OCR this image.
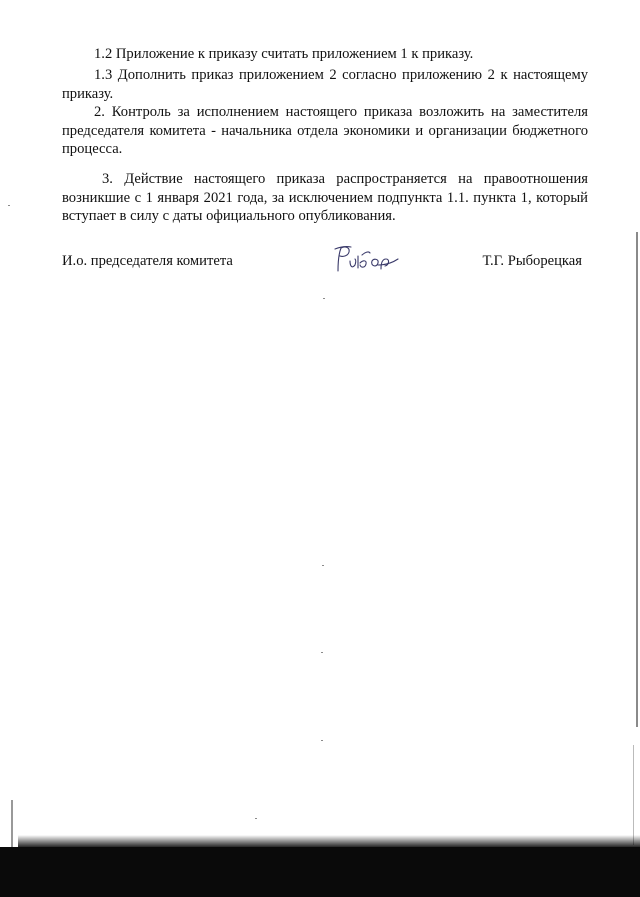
1.2 Приложение к приказу считать приложением 1 к приказу.

1.3 Дополнить приказ приложением 2 согласно приложению 2 к настоящему приказу.

2. Контроль за исполнением настоящего приказа возложить на заместителя председателя комитета - начальника отдела экономики и организации бюджетного процесса.

3. Действие настоящего приказа распространяется на правоотношения возникшие с 1 января 2021 года, за исключением подпункта 1.1. пункта 1, который вступает в силу с даты официального опубликования.

И.о. председателя комитета	Т.Г. Рыборецкая
